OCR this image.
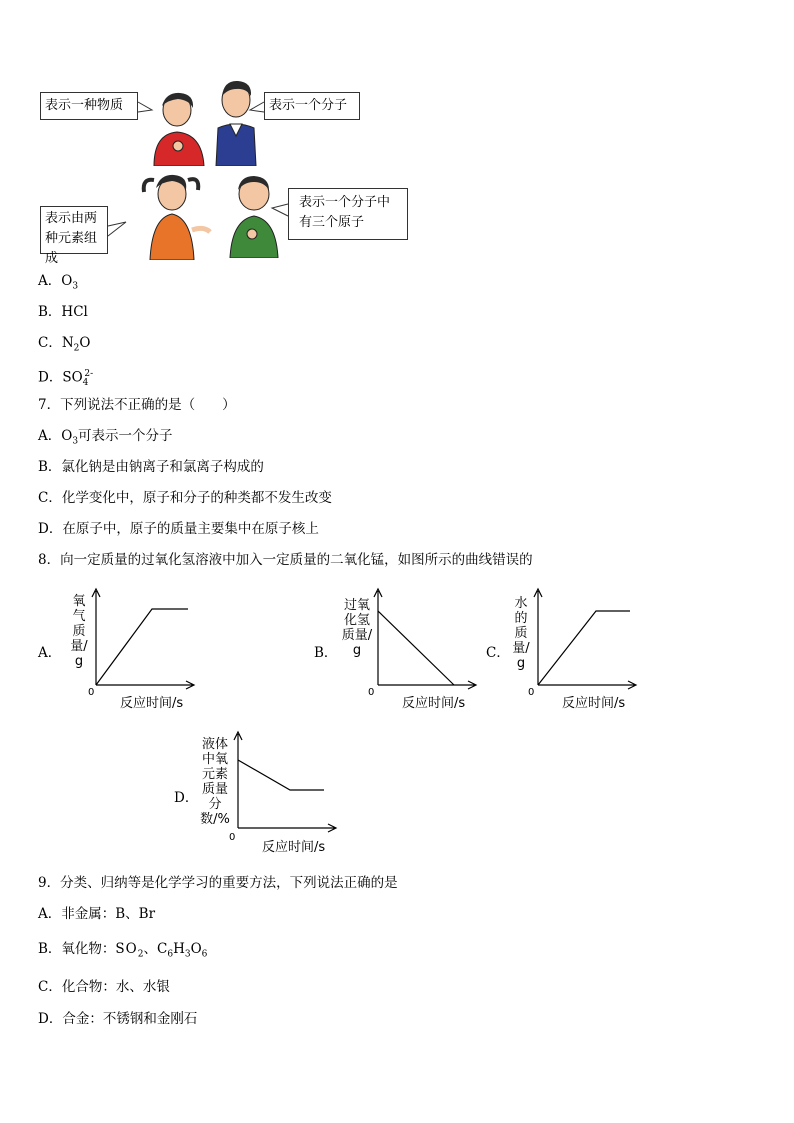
表示一种物质	表示一个分子
表示由两种元素组成
表示一个分子中有三个原子
A．$O_3$
B．HCl
C．$N_2O$
D．$SO_4^{2-}$
7．下列说法不正确的是（　　）
A．$O_3$可表示一个分子
B．氯化钠是由钠离子和氯离子构成的
C．化学变化中，原子和分子的种类都不发生改变
D．在原子中，原子的质量主要集中在原子核上
8．向一定质量的过氧化氢溶液中加入一定质量的二氧化锰，如图所示的曲线错误的
A．
氧气质量/g
0
反应时间/s
B．
过氧化氢质量/g
0
反应时间/s
C．
水的质量/g
0
反应时间/s
D．
液体中氧元素质量分数/%
0
反应时间/s
9．分类、归纳等是化学学习的重要方法，下列说法正确的是
A．非金属：B、Br
B．氧化物：$SO_2$、$C_6H_3O_6$
C．化合物：水、水银
D．合金：不锈钢和金刚石
